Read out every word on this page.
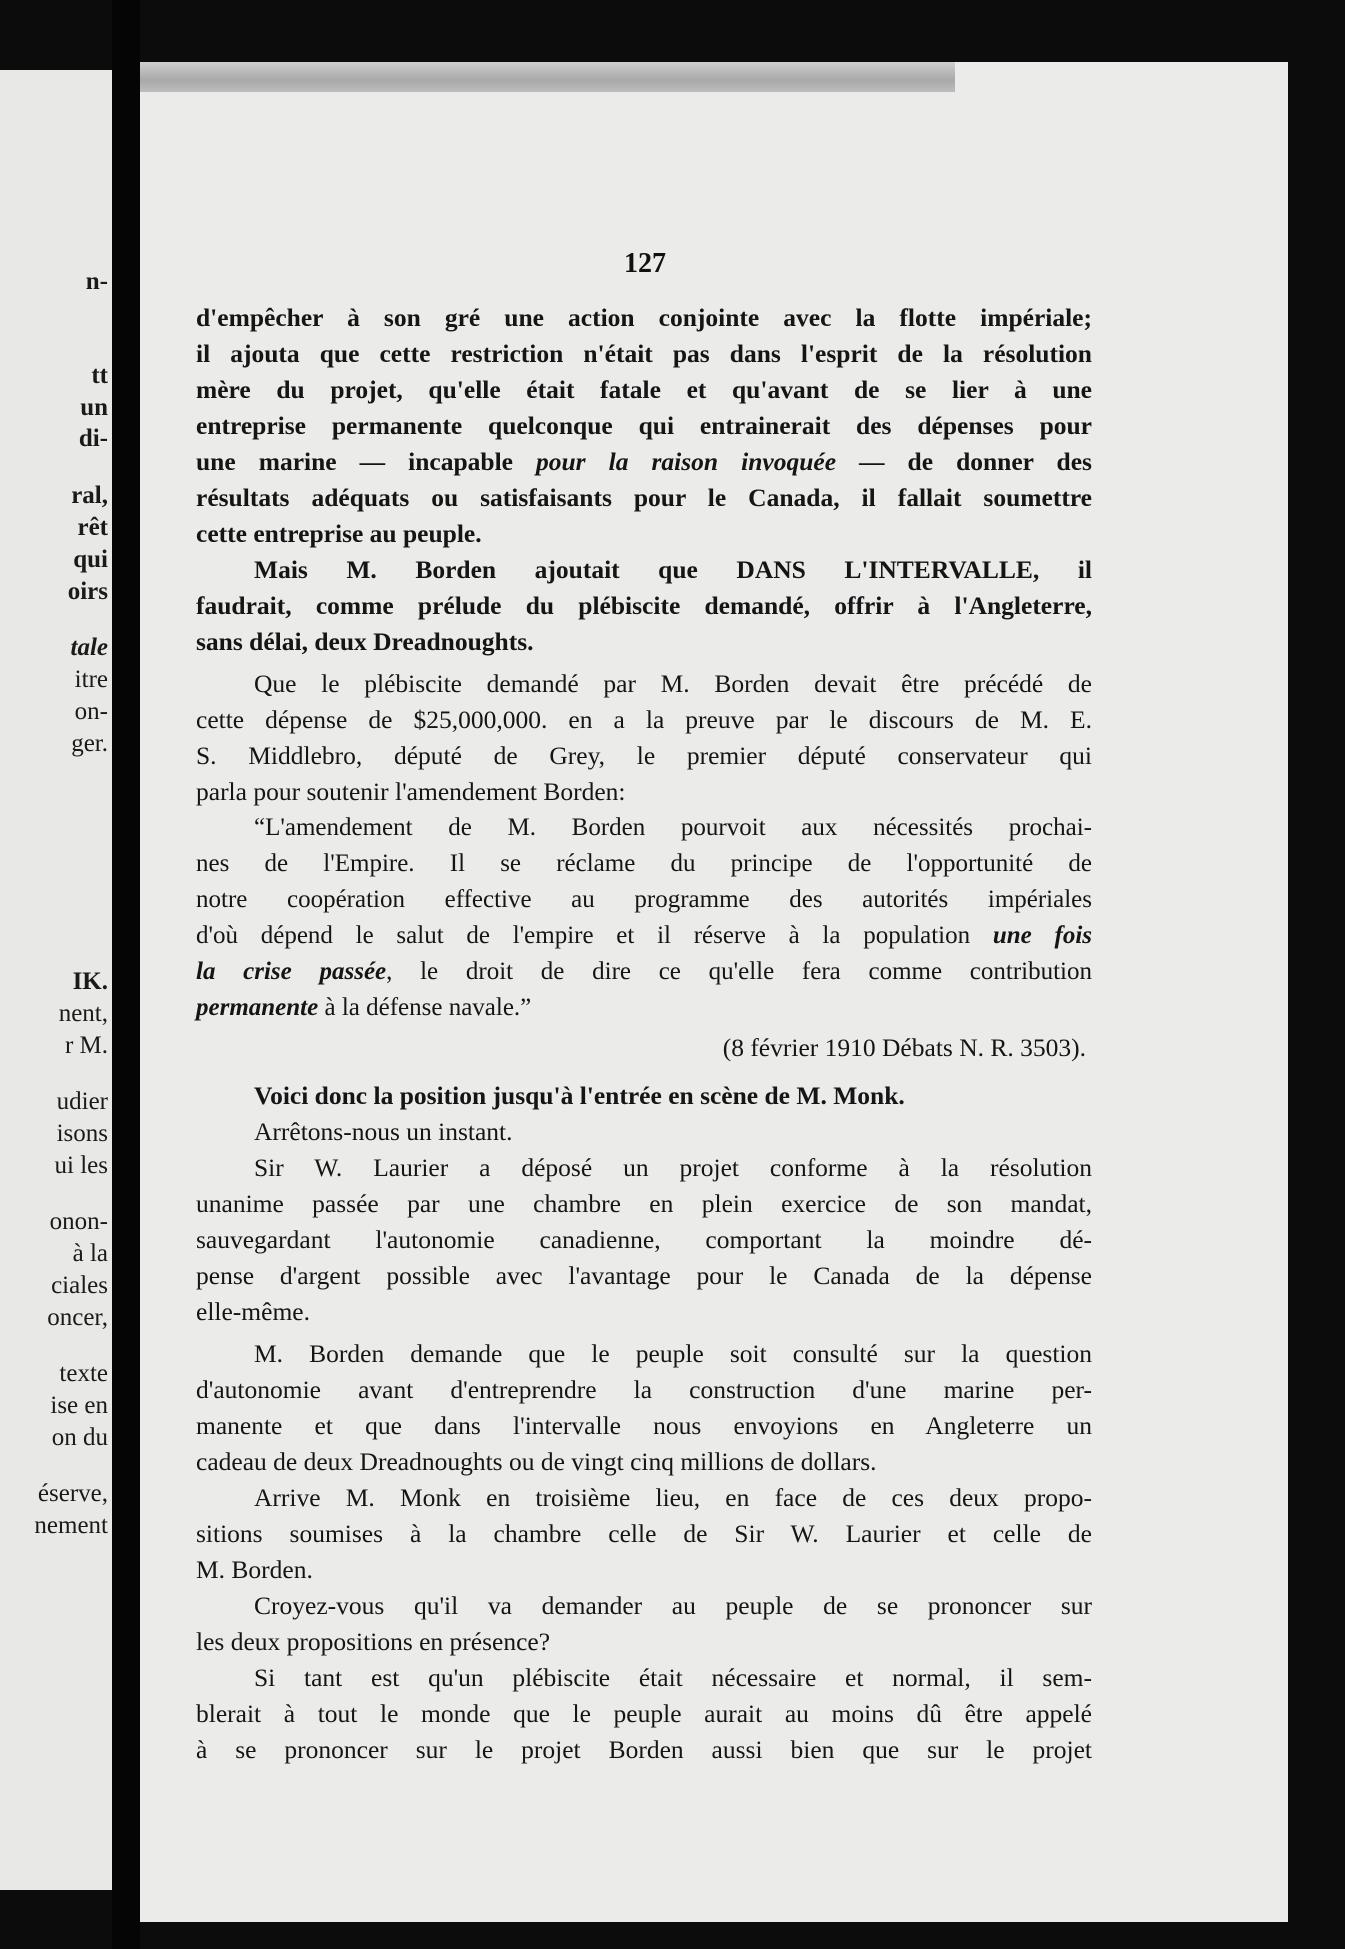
n-
tt
un
di-
ral,
rêt
qui
oirs
tale
itre
on-
ger.
IK.
nent,
r M.
udier
isons
ui les
onon-
à la
ciales
oncer,
texte
ise en
on du
éserve,
nement
127
d'empêcher à son gré une action conjointe avec la flotte impériale;
il ajouta que cette restriction n'était pas dans l'esprit de la résolution
mère du projet, qu'elle était fatale et qu'avant de se lier à une
entreprise permanente quelconque qui entrainerait des dépenses pour
une marine — incapable pour la raison invoquée — de donner des
résultats adéquats ou satisfaisants pour le Canada, il fallait soumettre
cette entreprise au peuple.
Mais M. Borden ajoutait que DANS L'INTERVALLE, il
faudrait, comme prélude du plébiscite demandé, offrir à l'Angleterre,
sans délai, deux Dreadnoughts.
Que le plébiscite demandé par M. Borden devait être précédé de
cette dépense de $25,000,000. en a la preuve par le discours de M. E.
S. Middlebro, député de Grey, le premier député conservateur qui
parla pour soutenir l'amendement Borden:
“L'amendement de M. Borden pourvoit aux nécessités prochai-
nes de l'Empire. Il se réclame du principe de l'opportunité de
notre coopération effective au programme des autorités impériales
d'où dépend le salut de l'empire et il réserve à la population une fois
la crise passée, le droit de dire ce qu'elle fera comme contribution
permanente à la défense navale.”
(8 février 1910 Débats N. R. 3503).
Voici donc la position jusqu'à l'entrée en scène de M. Monk.
Arrêtons-nous un instant.
Sir W. Laurier a déposé un projet conforme à la résolution
unanime passée par une chambre en plein exercice de son mandat,
sauvegardant l'autonomie canadienne, comportant la moindre dé-
pense d'argent possible avec l'avantage pour le Canada de la dépense
elle-même.
M. Borden demande que le peuple soit consulté sur la question
d'autonomie avant d'entreprendre la construction d'une marine per-
manente et que dans l'intervalle nous envoyions en Angleterre un
cadeau de deux Dreadnoughts ou de vingt cinq millions de dollars.
Arrive M. Monk en troisième lieu, en face de ces deux propo-
sitions soumises à la chambre celle de Sir W. Laurier et celle de
M. Borden.
Croyez-vous qu'il va demander au peuple de se prononcer sur
les deux propositions en présence?
Si tant est qu'un plébiscite était nécessaire et normal, il sem-
blerait à tout le monde que le peuple aurait au moins dû être appelé
à se prononcer sur le projet Borden aussi bien que sur le projet
